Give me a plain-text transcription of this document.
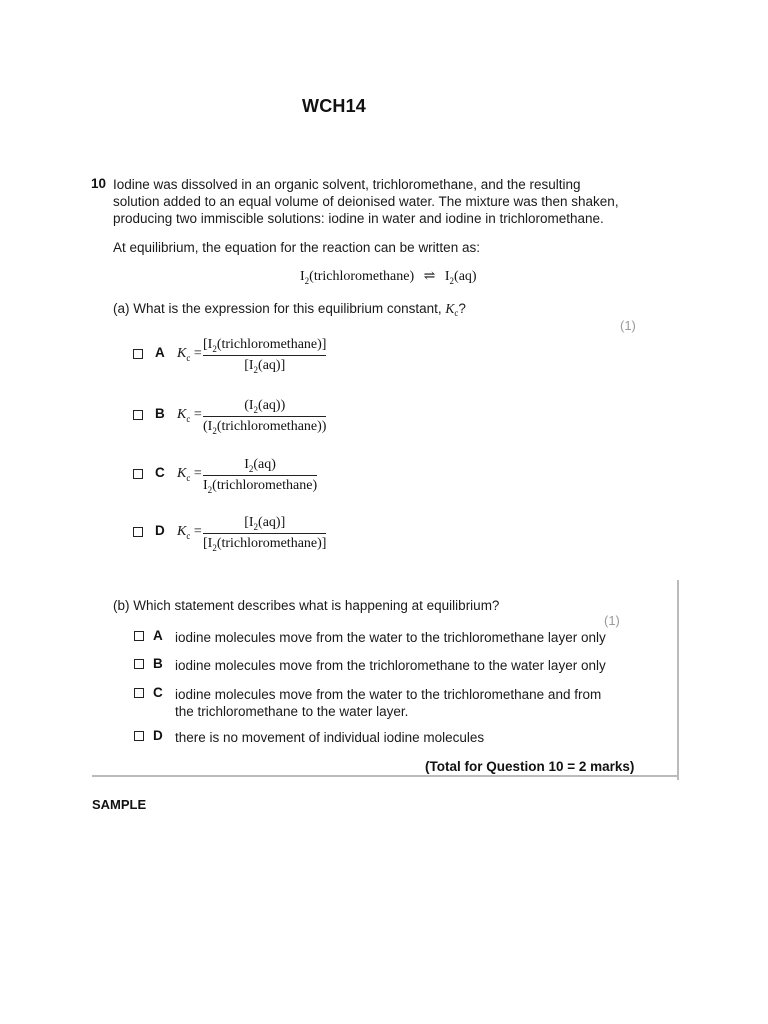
WCH14
10 Iodine was dissolved in an organic solvent, trichloromethane, and the resulting
solution added to an equal volume of deionised water. The mixture was then shaken,
producing two immiscible solutions: iodine in water and iodine in trichloromethane.
At equilibrium, the equation for the reaction can be written as:
$I_2(trichloromethane)$ ⇌ $I_2(aq)$
(a) What is the expression for this equilibrium constant, $K_c$?
(1)
A $K_c$ =
$[I_2(trichloromethane)]$
$[I_2(aq)]$
B $K_c$ =
$(I_2(aq))$
$(I_2(trichloromethane))$
C $K_c$ =
$I_2(aq)$
$I_2(trichloromethane)$
D $K_c$ =
$[I_2(aq)]$
$[I_2(trichloromethane)]$
(b) Which statement describes what is happening at equilibrium?
(1)
A iodine molecules move from the water to the trichloromethane layer only
B iodine molecules move from the trichloromethane to the water layer only
C iodine molecules move from the water to the trichloromethane and from
the trichloromethane to the water layer.
D there is no movement of individual iodine molecules
(Total for Question 10 = 2 marks)
SAMPLE
